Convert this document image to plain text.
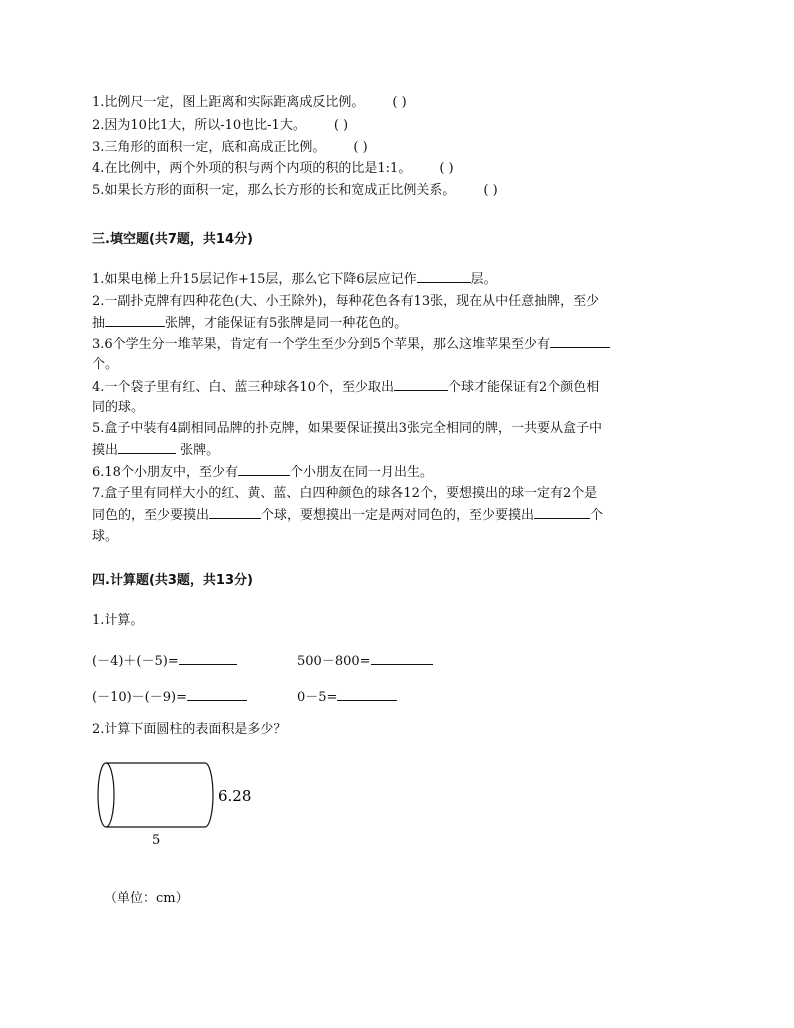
1.比例尺一定，图上距离和实际距离成反比例。 ( )
2.因为10比1大，所以-10也比-1大。 ( )
3.三角形的面积一定，底和高成正比例。 ( )
4.在比例中，两个外项的积与两个内项的积的比是1:1。 ( )
5.如果长方形的面积一定，那么长方形的长和宽成正比例关系。 ( )
三.填空题(共7题，共14分)
1.如果电梯上升15层记作+15层，那么它下降6层应记作	层。
2.一副扑克牌有四种花色(大、小王除外)，每种花色各有13张，现在从中任意抽牌，至少
抽	张牌，才能保证有5张牌是同一种花色的。
3.6个学生分一堆苹果，肯定有一个学生至少分到5个苹果，那么这堆苹果至少有
个。
4.一个袋子里有红、白、蓝三种球各10个，至少取出	个球才能保证有2个颜色相
同的球。
5.盒子中装有4副相同品牌的扑克牌，如果要保证摸出3张完全相同的牌，一共要从盒子中
摸出	张牌。
6.18个小朋友中，至少有	个小朋友在同一月出生。
7.盒子里有同样大小的红、黄、蓝、白四种颜色的球各12个，要想摸出的球一定有2个是
同色的，至少要摸出	个球，要想摸出一定是两对同色的，至少要摸出	个
球。
四.计算题(共3题，共13分)
1.计算。
(－4)＋(－5)=	500－800=
(－10)－(－9)=	0－5=
2.计算下面圆柱的表面积是多少？
6.28
5
（单位：cm）
